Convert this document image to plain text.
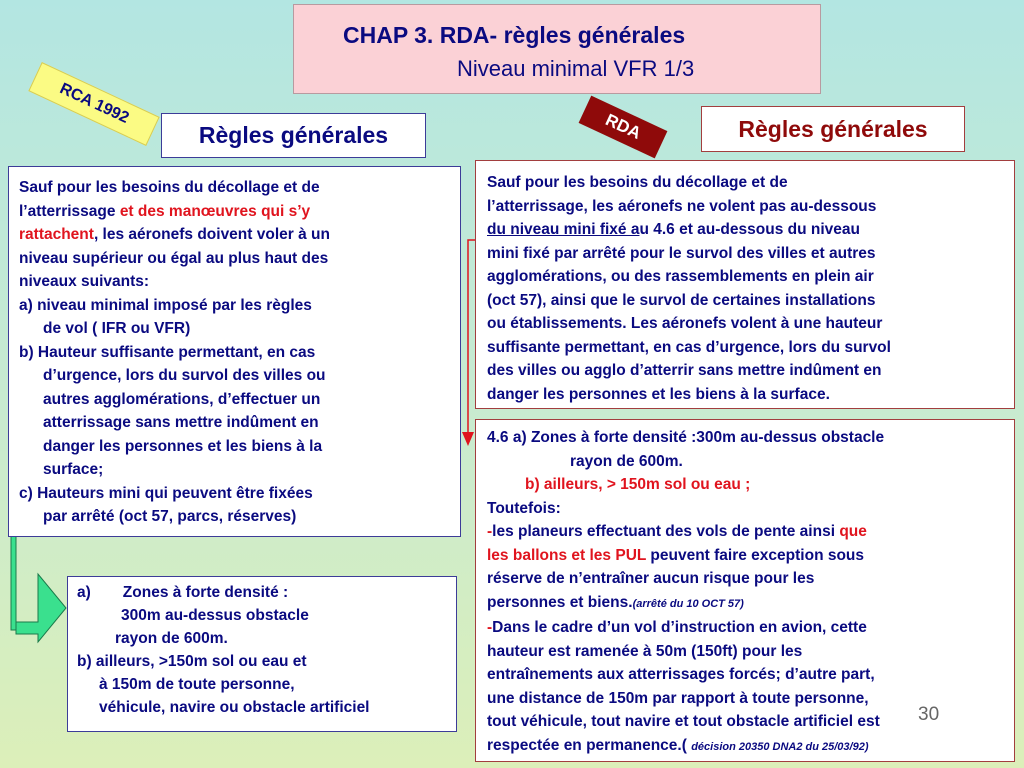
CHAP 3. RDA- règles générales
Niveau minimal VFR 1/3
RCA 1992	RDA
Règles générales	Règles générales

Sauf pour les besoins du décollage et de

l’atterrissage et des manœuvres qui s’y

rattachent, les aéronefs doivent voler à un

niveau supérieur ou égal au plus haut des

niveaux suivants:

a) niveau minimal imposé par les règles

de vol ( IFR ou VFR)

b) Hauteur suffisante permettant, en cas

d’urgence, lors du survol des villes ou

autres agglomérations, d’effectuer un

atterrissage sans mettre indûment en

danger les personnes et les biens à la

surface;

c) Hauteurs mini qui peuvent être fixées

par arrêté (oct 57, parcs, réserves)

Sauf pour les besoins du décollage et de

l’atterrissage, les aéronefs ne volent pas au-dessous

du niveau mini fixé au 4.6 et au-dessous du niveau

mini fixé par arrêté pour le survol des villes et autres

agglomérations, ou des rassemblements en plein air

(oct 57), ainsi que le survol de certaines installations

ou établissements. Les aéronefs volent à une hauteur

suffisante permettant, en cas d’urgence, lors du survol

des villes ou agglo d’atterrir sans mettre indûment en

danger les personnes et les biens à la surface.

4.6 a) Zones à forte densité :300m au-dessus obstacle

rayon de 600m.

b) ailleurs, > 150m sol ou eau ;

Toutefois:

-les planeurs effectuant des vols de pente ainsi que

les ballons et les PUL peuvent faire exception sous

réserve de n’entraîner aucun risque pour les

personnes et biens.(arrêté du 10 OCT 57)

-Dans le cadre d’un vol d’instruction en avion, cette

hauteur est ramenée à 50m (150ft) pour les

entraînements aux atterrissages forcés; d’autre part,

une distance de 150m par rapport à toute personne,

tout véhicule, tout navire et tout obstacle artificiel est

respectée en permanence.( décision 20350 DNA2 du 25/03/92)

a) Zones à forte densité :

300m au-dessus obstacle

rayon de 600m.

b) ailleurs, >150m sol ou eau et

à 150m de toute personne,

véhicule, navire ou obstacle artificiel	30
